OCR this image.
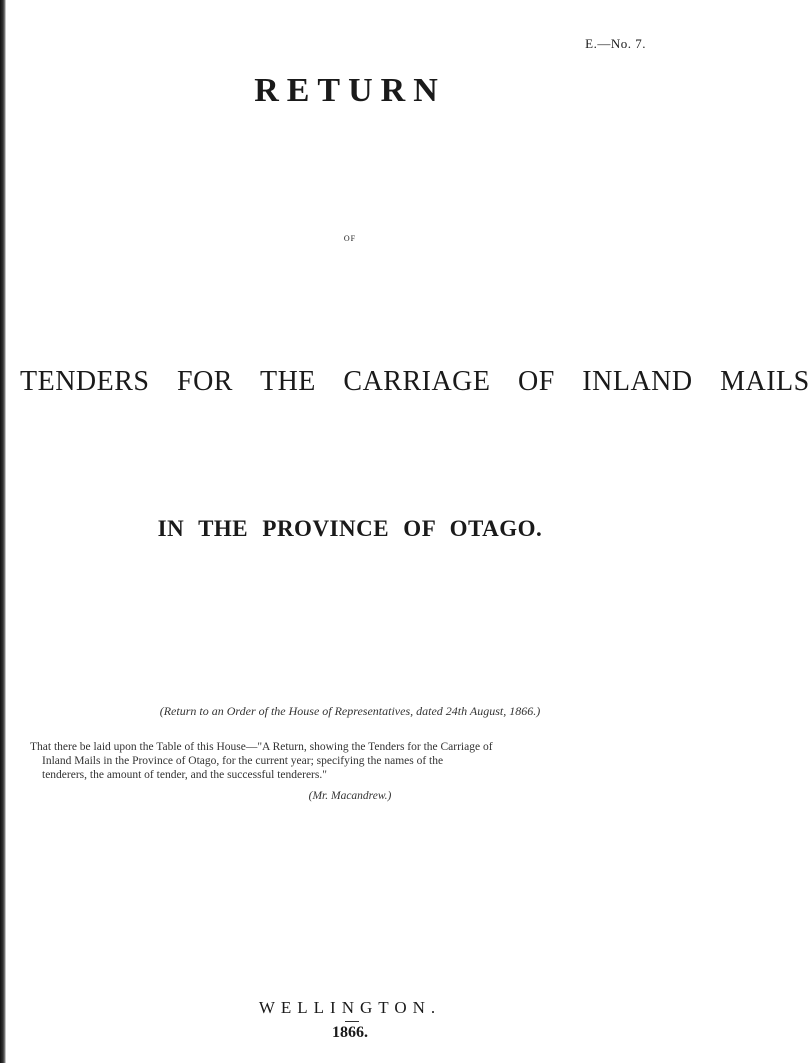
E.—No. 7.
RETURN
OF
TENDERS FOR THE CARRIAGE OF INLAND MAILS
IN THE PROVINCE OF OTAGO.
(Return to an Order of the House of Representatives, dated 24th August, 1866.)
That there be laid upon the Table of this House—"A Return, showing the Tenders for the Carriage of
Inland Mails in the Province of Otago, for the current year; specifying the names of the
tenderers, the amount of tender, and the successful tenderers."
(Mr. Macandrew.)
WELLINGTON.
1866.
